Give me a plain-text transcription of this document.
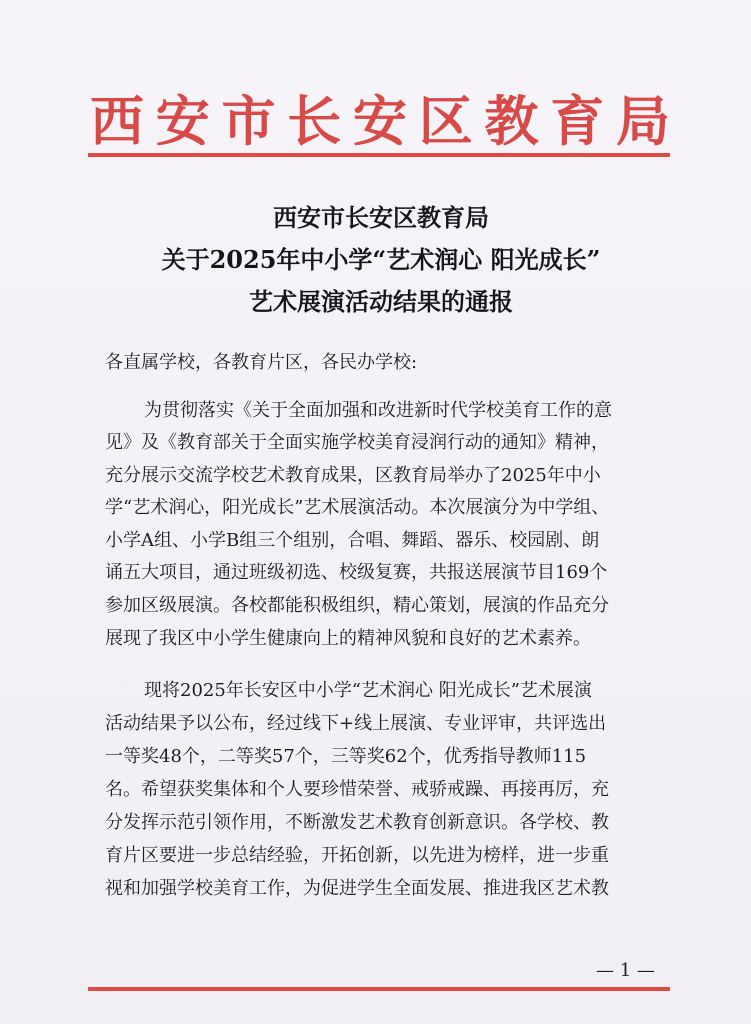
西 安 市 长 安 区 教 育 局
西安市长安区教育局
关于2025年中小学“艺术润心 阳光成长”
艺术展演活动结果的通报
各直属学校，各教育片区，各民办学校:
为贯彻落实《关于全面加强和改进新时代学校美育工作的意
见》及《教育部关于全面实施学校美育浸润行动的通知》精神，
充分展示交流学校艺术教育成果，区教育局举办了2025年中小
学“艺术润心，阳光成长”艺术展演活动。本次展演分为中学组、
小学A组、小学B组三个组别，合唱、舞蹈、器乐、校园剧、朗
诵五大项目，通过班级初选、校级复赛，共报送展演节目169个
参加区级展演。各校都能积极组织，精心策划，展演的作品充分
展现了我区中小学生健康向上的精神风貌和良好的艺术素养。
现将2025年长安区中小学“艺术润心 阳光成长”艺术展演
活动结果予以公布，经过线下+线上展演、专业评审，共评选出
一等奖48个，二等奖57个，三等奖62个，优秀指导教师115
名。希望获奖集体和个人要珍惜荣誉、戒骄戒躁、再接再厉，充
分发挥示范引领作用，不断激发艺术教育创新意识。各学校、教
育片区要进一步总结经验，开拓创新，以先进为榜样，进一步重
视和加强学校美育工作，为促进学生全面发展、推进我区艺术教
— 1 —
